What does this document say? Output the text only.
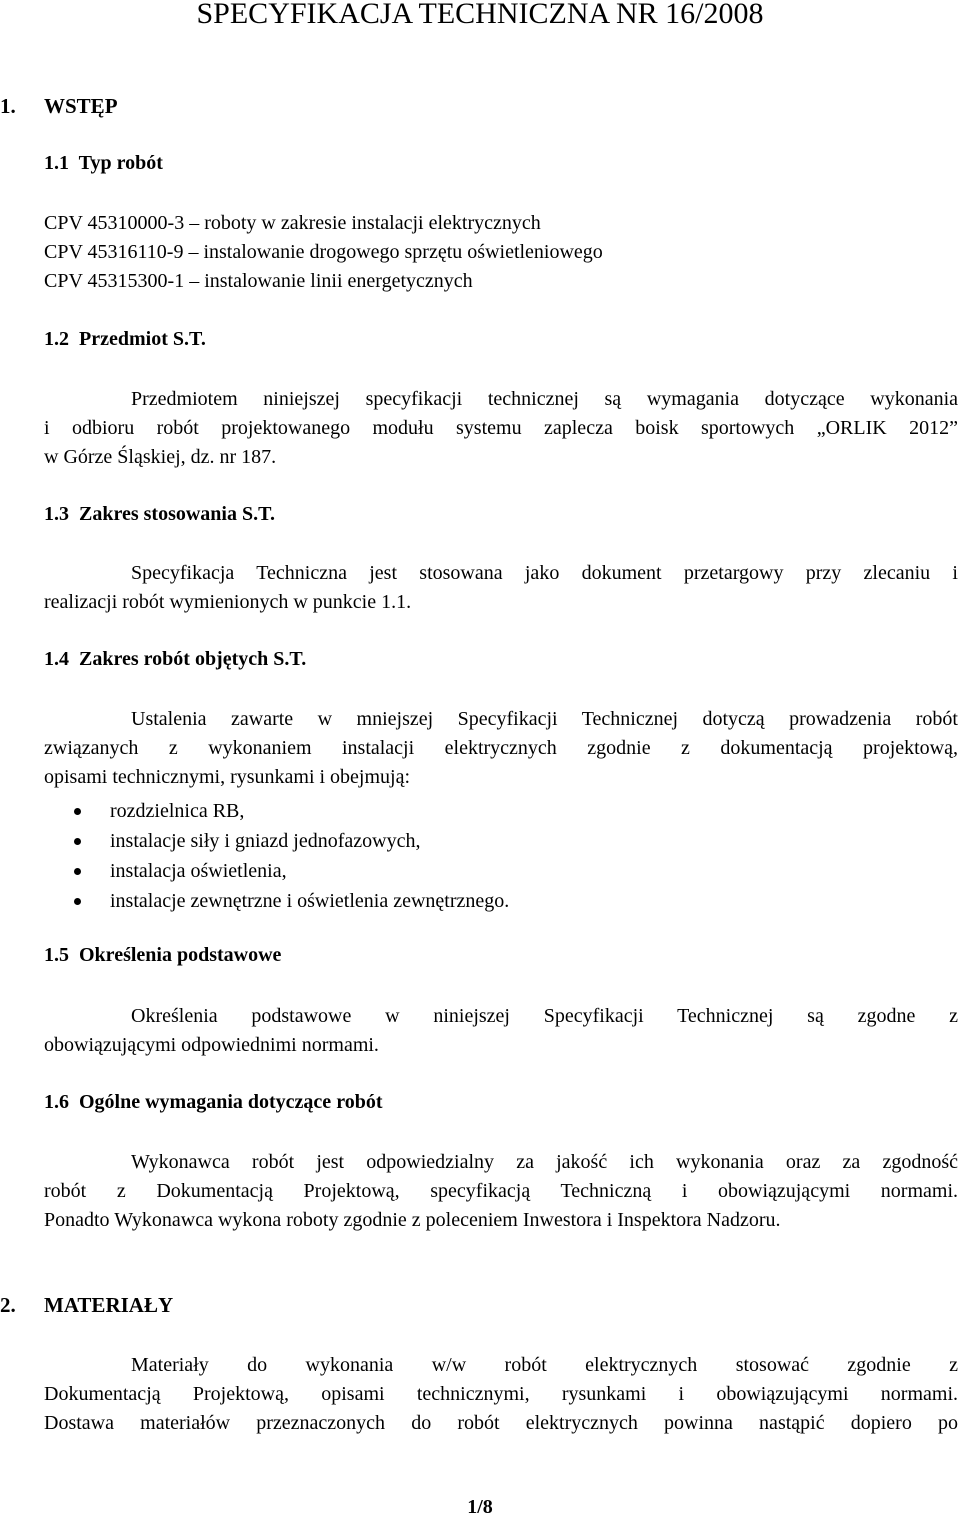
SPECYFIKACJA TECHNICZNA NR 16/2008
1. WSTĘP
1.1  Typ robót
CPV 45310000-3 – roboty w zakresie instalacji elektrycznych
CPV 45316110-9 – instalowanie drogowego sprzętu oświetleniowego
CPV 45315300-1 – instalowanie linii energetycznych
1.2  Przedmiot S.T.
Przedmiotem niniejszej specyfikacji technicznej są wymagania dotyczące wykonania
i odbioru robót projektowanego modułu systemu zaplecza boisk sportowych „ORLIK 2012”
w Górze Śląskiej, dz. nr 187.
1.3  Zakres stosowania S.T.
Specyfikacja Techniczna jest stosowana jako dokument przetargowy przy zlecaniu i
realizacji robót wymienionych w punkcie 1.1.
1.4  Zakres robót objętych S.T.
Ustalenia zawarte w mniejszej Specyfikacji Technicznej dotyczą prowadzenia robót
związanych z wykonaniem instalacji elektrycznych zgodnie z dokumentacją projektową,
opisami technicznymi, rysunkami i obejmują:
rozdzielnica RB,
instalacje siły i gniazd jednofazowych,
instalacja oświetlenia,
instalacje zewnętrzne i oświetlenia zewnętrznego.
1.5  Określenia podstawowe
Określenia podstawowe w niniejszej Specyfikacji Technicznej są zgodne z
obowiązującymi odpowiednimi normami.
1.6  Ogólne wymagania dotyczące robót
Wykonawca robót jest odpowiedzialny za jakość ich wykonania oraz za zgodność
robót z Dokumentacją Projektową, specyfikacją Techniczną i obowiązującymi normami.
Ponadto Wykonawca wykona roboty zgodnie z poleceniem Inwestora i Inspektora Nadzoru.
2. MATERIAŁY
Materiały do wykonania w/w robót elektrycznych stosować zgodnie z
Dokumentacją Projektową, opisami technicznymi, rysunkami i obowiązującymi normami.
Dostawa materiałów przeznaczonych do robót elektrycznych powinna nastąpić dopiero po
1/8
